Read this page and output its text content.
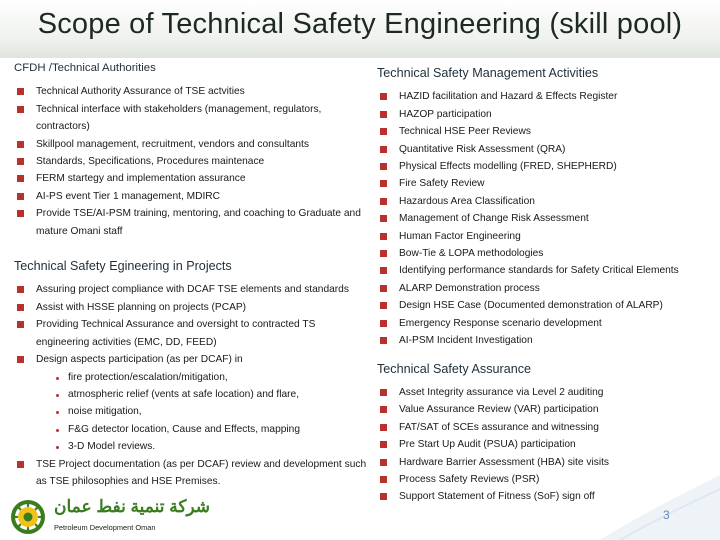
Scope of Technical Safety Engineering (skill pool)
CFDH /Technical Authorities
Technical Authority Assurance of TSE actvities
Technical interface with stakeholders (management, regulators, contractors)
Skillpool management, recruitment, vendors and consultants
Standards, Specifications, Procedures maintenace
FERM startegy and implementation assurance
AI-PS event Tier 1 management, MDIRC
Provide TSE/AI-PSM training, mentoring, and coaching to Graduate and mature Omani staff
Technical Safety Egineering in Projects
Assuring project compliance with DCAF TSE elements and standards
Assist with HSSE planning on projects (PCAP)
Providing Technical Assurance and oversight to contracted TS engineering activities (EMC, DD, FEED)
Design aspects participation (as per DCAF) in
fire protection/escalation/mitigation,
atmospheric relief (vents at safe location) and flare,
noise mitigation,
F&G detector location, Cause and Effects, mapping
3-D Model reviews.
TSE Project documentation (as per DCAF) review and development such as TSE philosophies and HSE Premises.
Technical Safety Management Activities
HAZID facilitation and Hazard & Effects Register
HAZOP participation
Technical HSE Peer Reviews
Quantitative Risk Assessment (QRA)
Physical Effects modelling (FRED, SHEPHERD)
Fire Safety Review
Hazardous Area Classification
Management of Change Risk Assessment
Human Factor Engineering
Bow-Tie & LOPA methodologies
Identifying performance standards for Safety Critical Elements
ALARP Demonstration process
Design HSE Case (Documented demonstration of ALARP)
Emergency Response scenario development
AI-PSM Incident Investigation
Technical Safety Assurance
Asset Integrity assurance via Level 2 auditing
Value Assurance Review (VAR) participation
FAT/SAT of SCEs assurance and witnessing
Pre Start Up Audit (PSUA) participation
Hardware Barrier Assessment (HBA) site visits
Process Safety Reviews (PSR)
Support Statement of Fitness (SoF) sign off
شركة تنمية نفط عمان
Petroleum Development Oman
3
